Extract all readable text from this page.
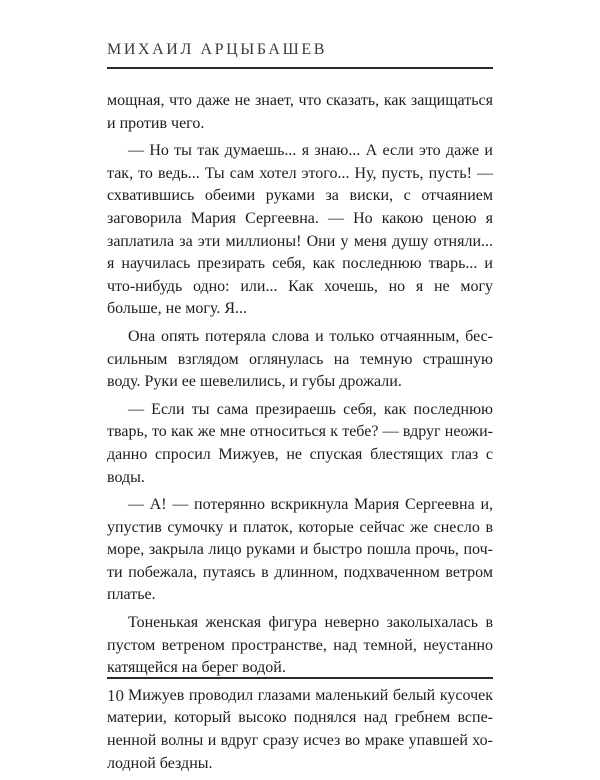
МИХАИЛ АРЦЫБАШЕВ

мощная, что даже не знает, что сказать, как защищаться и против чего.

— Но ты так думаешь... я знаю... А если это даже и так, то ведь... Ты сам хотел этого... Ну, пусть, пусть! — схватившись обеими руками за виски, с отчаянием заговорила Мария Сергеевна. — Но какою ценою я заплатила за эти миллионы! Они у меня душу отняли... я научилась презирать себя, как последнюю тварь... и что-нибудь одно: или... Как хочешь, но я не могу больше, не могу. Я...

Она опять потеряла слова и только отчаянным, бессильным взглядом оглянулась на темную страшную воду. Руки ее шевелились, и губы дрожали.

— Если ты сама презираешь себя, как последнюю тварь, то как же мне относиться к тебе? — вдруг неожиданно спросил Мижуев, не спуская блестящих глаз с воды.

— А! — потерянно вскрикнула Мария Сергеевна и, упустив сумочку и платок, которые сейчас же снесло в море, закрыла лицо руками и быстро пошла прочь, почти побежала, путаясь в длинном, подхваченном ветром платье.

Тоненькая женская фигура неверно заколыхалась в пустом ветреном пространстве, над темной, неустанно катящейся на берег водой.

Мижуев проводил глазами маленький белый кусочек материи, который высоко поднялся над гребнем вспененной волны и вдруг сразу исчез во мраке упавшей холодной бездны.

10
